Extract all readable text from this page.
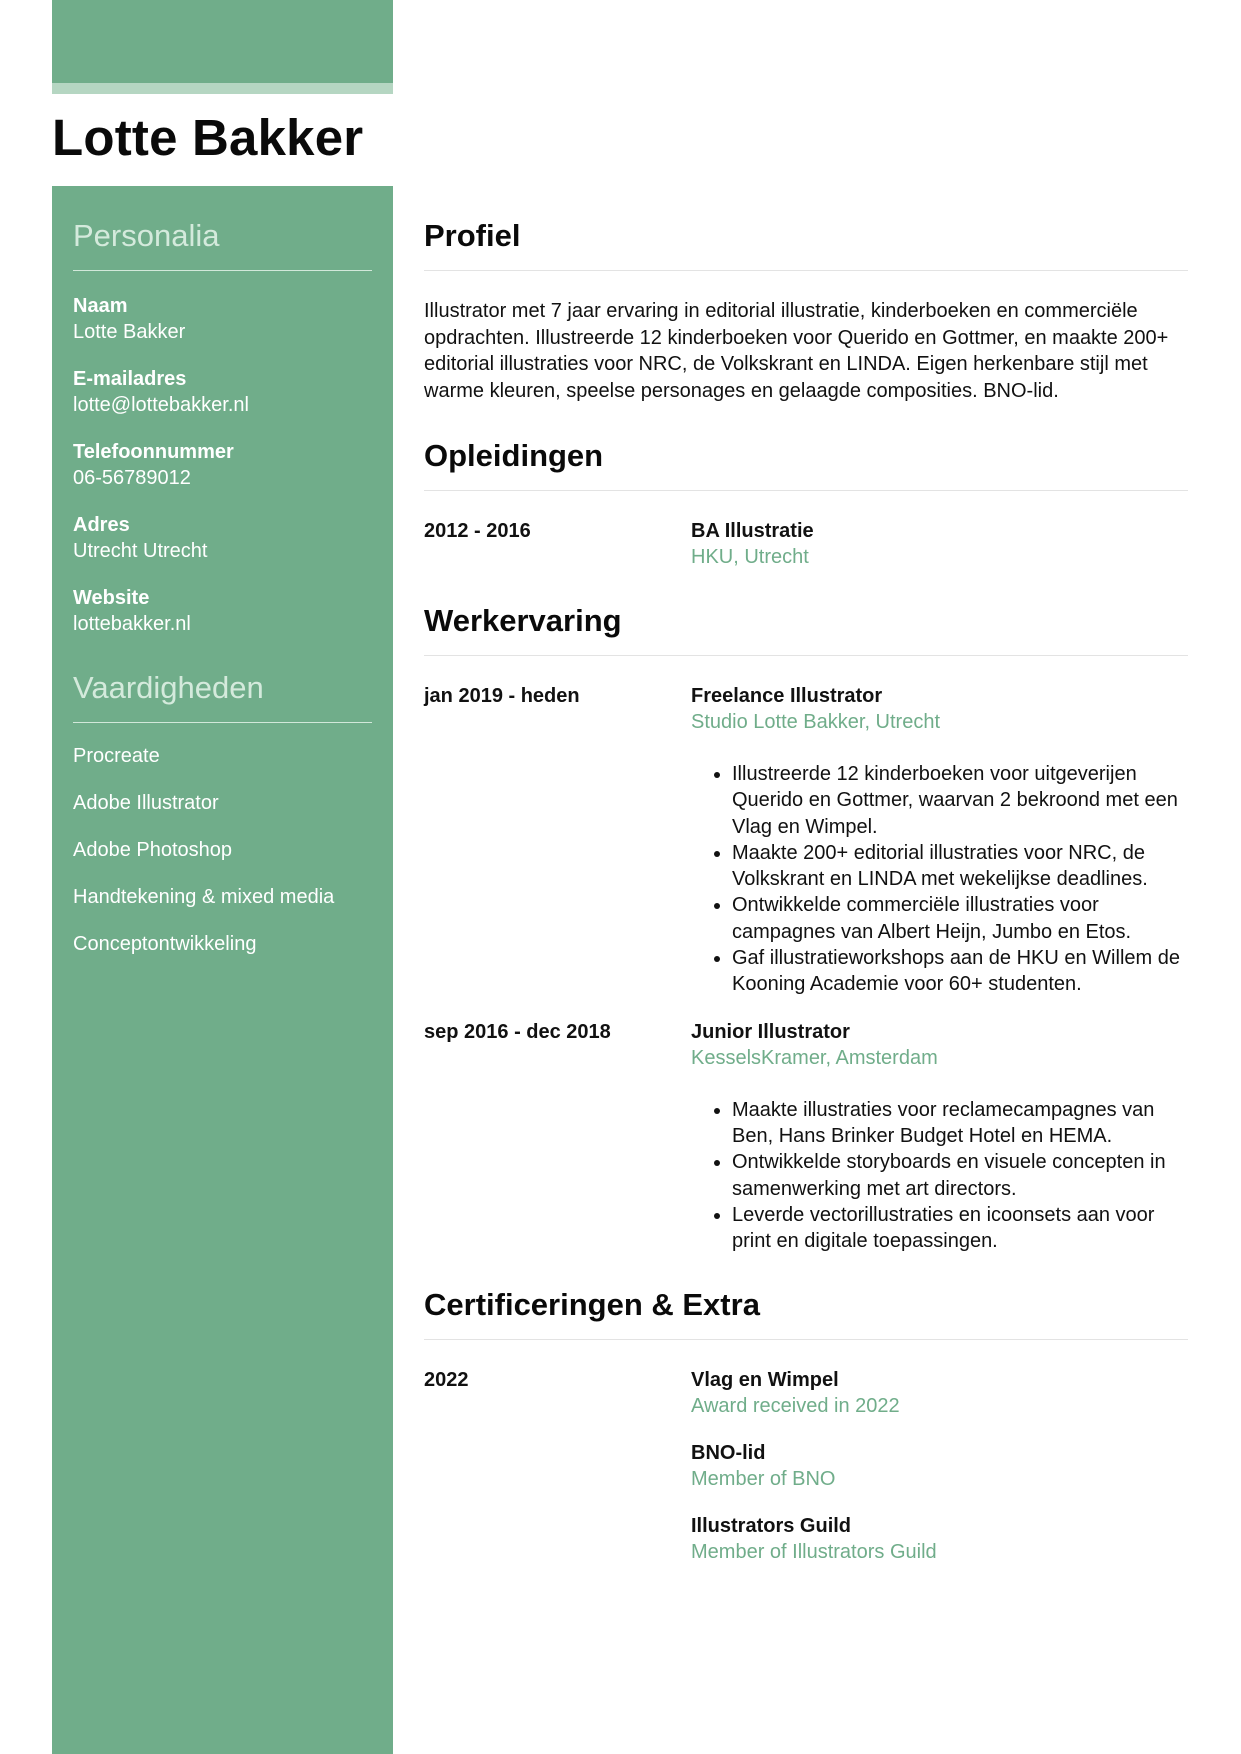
Lotte Bakker
Personalia
Naam
Lotte Bakker
E-mailadres
lotte@lottebakker.nl
Telefoonnummer
06-56789012
Adres
Utrecht Utrecht
Website
lottebakker.nl
Vaardigheden
Procreate
Adobe Illustrator
Adobe Photoshop
Handtekening & mixed media
Conceptontwikkeling
Profiel
Illustrator met 7 jaar ervaring in editorial illustratie, kinderboeken en commerciële opdrachten. Illustreerde 12 kinderboeken voor Querido en Gottmer, en maakte 200+ editorial illustraties voor NRC, de Volkskrant en LINDA. Eigen herkenbare stijl met warme kleuren, speelse personages en gelaagde composities. BNO-lid.
Opleidingen
2012 - 2016	BA Illustratie
HKU, Utrecht
Werkervaring
jan 2019 - heden	Freelance Illustrator
Studio Lotte Bakker, Utrecht
• Illustreerde 12 kinderboeken voor uitgeverijen Querido en Gottmer, waarvan 2 bekroond met een Vlag en Wimpel.
• Maakte 200+ editorial illustraties voor NRC, de Volkskrant en LINDA met wekelijkse deadlines.
• Ontwikkelde commerciële illustraties voor campagnes van Albert Heijn, Jumbo en Etos.
• Gaf illustratieworkshops aan de HKU en Willem de Kooning Academie voor 60+ studenten.
sep 2016 - dec 2018	Junior Illustrator
KesselsKramer, Amsterdam
• Maakte illustraties voor reclamecampagnes van Ben, Hans Brinker Budget Hotel en HEMA.
• Ontwikkelde storyboards en visuele concepten in samenwerking met art directors.
• Leverde vectorillustraties en icoonsets aan voor print en digitale toepassingen.
Certificeringen & Extra
2022	Vlag en Wimpel
Award received in 2022
BNO-lid
Member of BNO
Illustrators Guild
Member of Illustrators Guild
